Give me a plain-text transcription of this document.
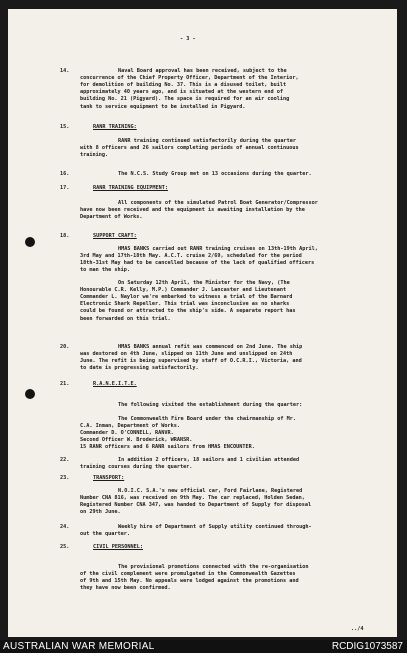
- 3 -
14.	Naval Board approval has been received, subject to the
concurrence of the Chief Property Officer, Department of the Interior,
for demolition of building No. 37. This is a disused toilet, built
approximately 40 years ago, and is situated at the western end of
building No. 21 (Pigyard). The space is required for an air cooling
tank to service equipment to be installed in Pigyard.
15.	RANR TRAINING:
RANR training continued satisfactorily during the quarter
with 8 officers and 26 sailors completing periods of annual continuous
training.
16.	The N.C.S. Study Group met on 13 occasions during the quarter.
17.	RANR TRAINING EQUIPMENT:
All components of the simulated Patrol Boat Generator/Compressor
have now been received and the equipment is awaiting installation by the
Department of Works.
18.	SUPPORT CRAFT:
HMAS BANKS carried out RANR training cruises on 13th-19th April,
3rd May and 17th-18th May. A.C.T. cruise 2/69, scheduled for the period
18th-31st May had to be cancelled because of the lack of qualified officers
to man the ship.
On Saturday 12th April, the Minister for the Navy, (The
Honourable C.R. Kelly, M.P.) Commander J. Lancaster and Lieutenant
Commander L. Naylor we're embarked to witness a trial of the Barnard
Electronic Shark Repeller. This trial was inconclusive as no sharks
could be found or attracted to the ship's side. A separate report has
been forwarded on this trial.
20.	HMAS BANKS annual refit was commenced on 2nd June. The ship
was destored on 4th June, slipped on 11th June and unslipped on 24th
June. The refit is being supervised by staff of O.C.R.I., Victoria, and
to date is progressing satisfactorily.
21.	R.A.N.E.I.T.E.
The following visited the establishment during the quarter:
The Commonwealth Fire Board under the chairmanship of Mr.
C.A. Inman, Department of Works.
Commander D. O'CONNELL, RANVR.
Second Officer W. Broderick, WRANSR.
15 RANR officers and 6 RANR sailors from HMAS ENCOUNTER.
22.	In addition 2 officers, 18 sailors and 1 civilian attended
training courses during the quarter.
23.	TRANSPORT:
N.O.I.C. S.A.'s new official car, Ford Fairlane, Registered
Number CNA 816, was received on 9th May. The car replaced, Holden Sedan,
Registered Number CNA 347, was handed to Department of Supply for disposal
on 29th June.
24.	Weekly hire of Department of Supply utility continued through-
out the quarter.
25.	CIVIL PERSONNEL:
The provisional promotions connected with the re-organisation
of the civil complement were promulgated in the Commonwealth Gazettes
of 9th and 15th May. No appeals were lodged against the promotions and
they have now been confirmed.
../4
AUSTRALIAN WAR MEMORIAL	RCDIG1073587
